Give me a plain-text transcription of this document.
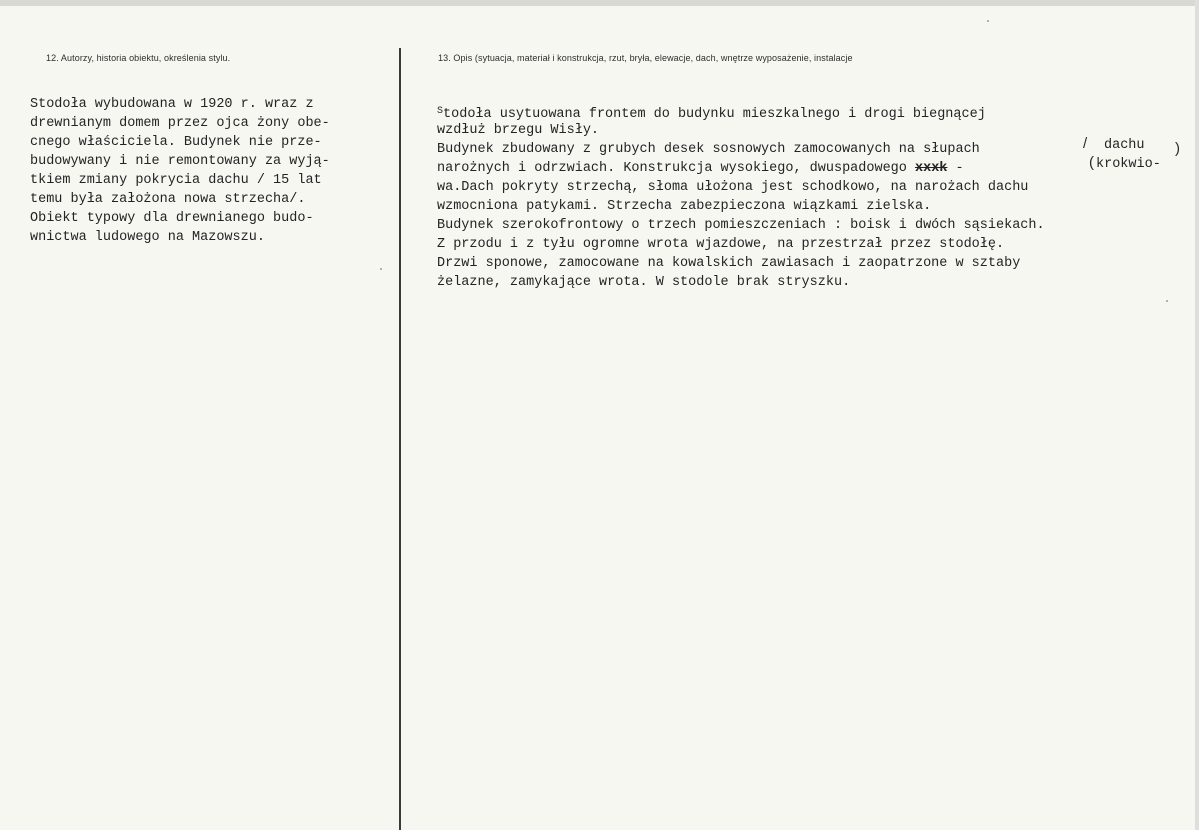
12. Autorzy, historia obiektu, określenia stylu.	13. Opis (sytuacja, materiał i konstrukcja, rzut, bryła, elewacje, dach, wnętrze wyposażenie, instalacje
Stodoła wybudowana w 1920 r. wraz z
drewnianym domem przez ojca żony obe-
cnego właściciela. Budynek nie prze-
budowywany i nie remontowany za wyją-
tkiem zmiany pokrycia dachu / 15 lat
temu była założona nowa strzecha/.
Obiekt typowy dla drewnianego budo-
wnictwa ludowego na Mazowszu.
$^S$todoła usytuowana frontem do budynku mieszkalnego i drogi biegnącej
wzdłuż brzegu Wisły.
Budynek zbudowany z grubych desek sosnowych zamocowanych na słupach
narożnych i odrzwiach. Konstrukcja wysokiego, dwuspadowego xxxk -
wa.Dach pokryty strzechą, słoma ułożona jest schodkowo, na narożach dachu
wzmocniona patykami. Strzecha zabezpieczona wiązkami zielska.
Budynek szerokofrontowy o trzech pomieszczeniach : boisk i dwóch sąsiekach.
Z przodu i z tyłu ogromne wrota wjazdowe, na przestrzał przez stodołę.
Drzwi sponowe, zamocowane na kowalskich zawiasach i zaopatrzone w sztaby
żelazne, zamykające wrota. W stodole brak stryszku.
/
(
dachu
krokwio-
)
